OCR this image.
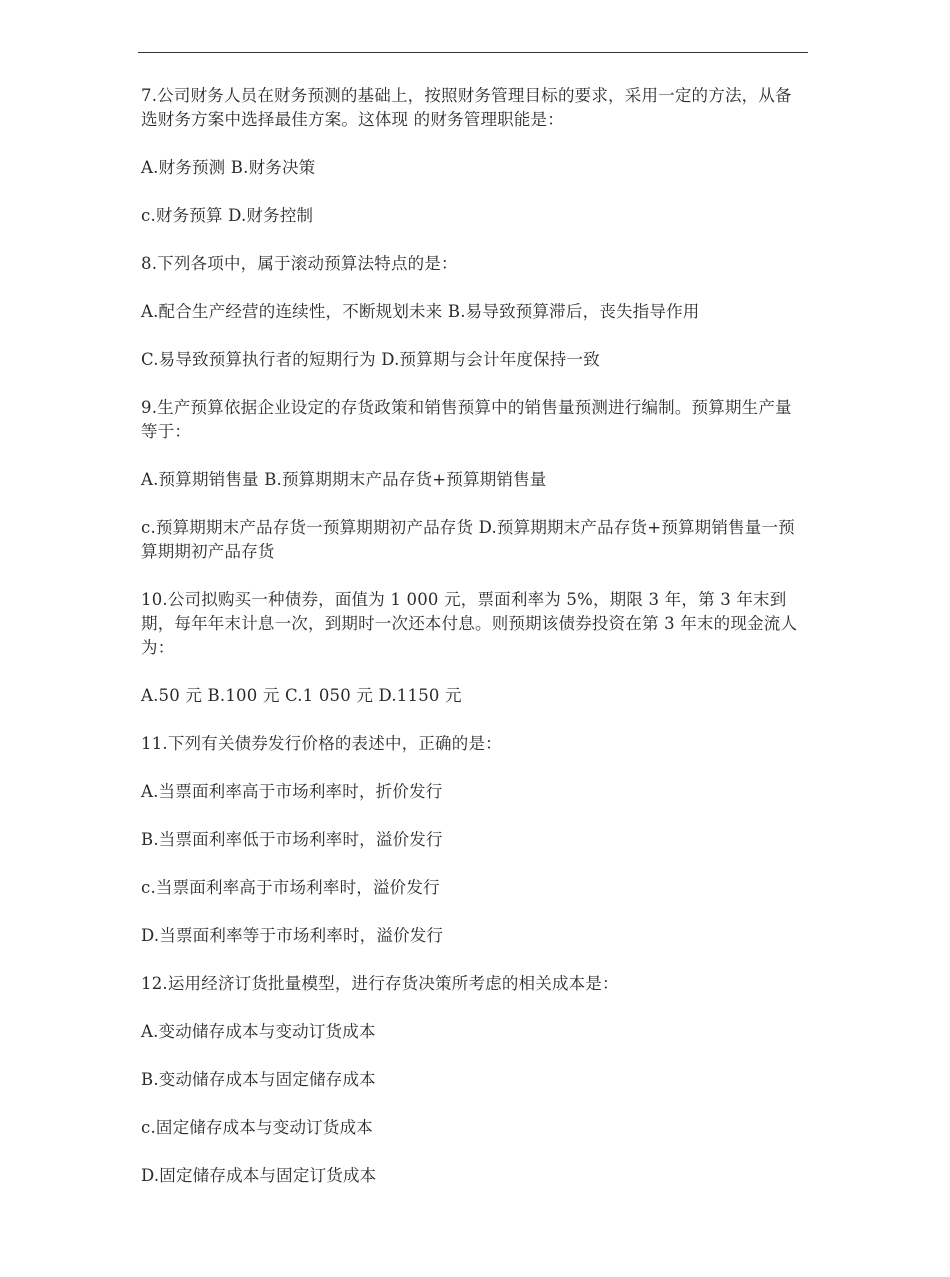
7.公司财务人员在财务预测的基础上，按照财务管理目标的要求，采用一定的方法，从备选财务方案中选择最佳方案。这体现 的财务管理职能是：

A.财务预测 B.财务决策

c.财务预算 D.财务控制

8.下列各项中，属于滚动预算法特点的是：

A.配合生产经营的连续性，不断规划未来 B.易导致预算滞后，丧失指导作用

C.易导致预算执行者的短期行为 D.预算期与会计年度保持一致

9.生产预算依据企业设定的存货政策和销售预算中的销售量预测进行编制。预算期生产量等于：

A.预算期销售量 B.预算期期末产品存货+预算期销售量

c.预算期期末产品存货一预算期期初产品存货 D.预算期期末产品存货+预算期销售量一预算期期初产品存货

10.公司拟购买一种债券，面值为 1 000 元，票面利率为 5%，期限 3 年，第 3 年末到期，每年年末计息一次，到期时一次还本付息。则预期该债券投资在第 3 年末的现金流人为：

A.50 元 B.100 元 C.1 050 元 D.1150 元

11.下列有关债券发行价格的表述中，正确的是：

A.当票面利率高于市场利率时，折价发行

B.当票面利率低于市场利率时，溢价发行

c.当票面利率高于市场利率时，溢价发行

D.当票面利率等于市场利率时，溢价发行

12.运用经济订货批量模型，进行存货决策所考虑的相关成本是：

A.变动储存成本与变动订货成本

B.变动储存成本与固定储存成本

c.固定储存成本与变动订货成本

D.固定储存成本与固定订货成本
